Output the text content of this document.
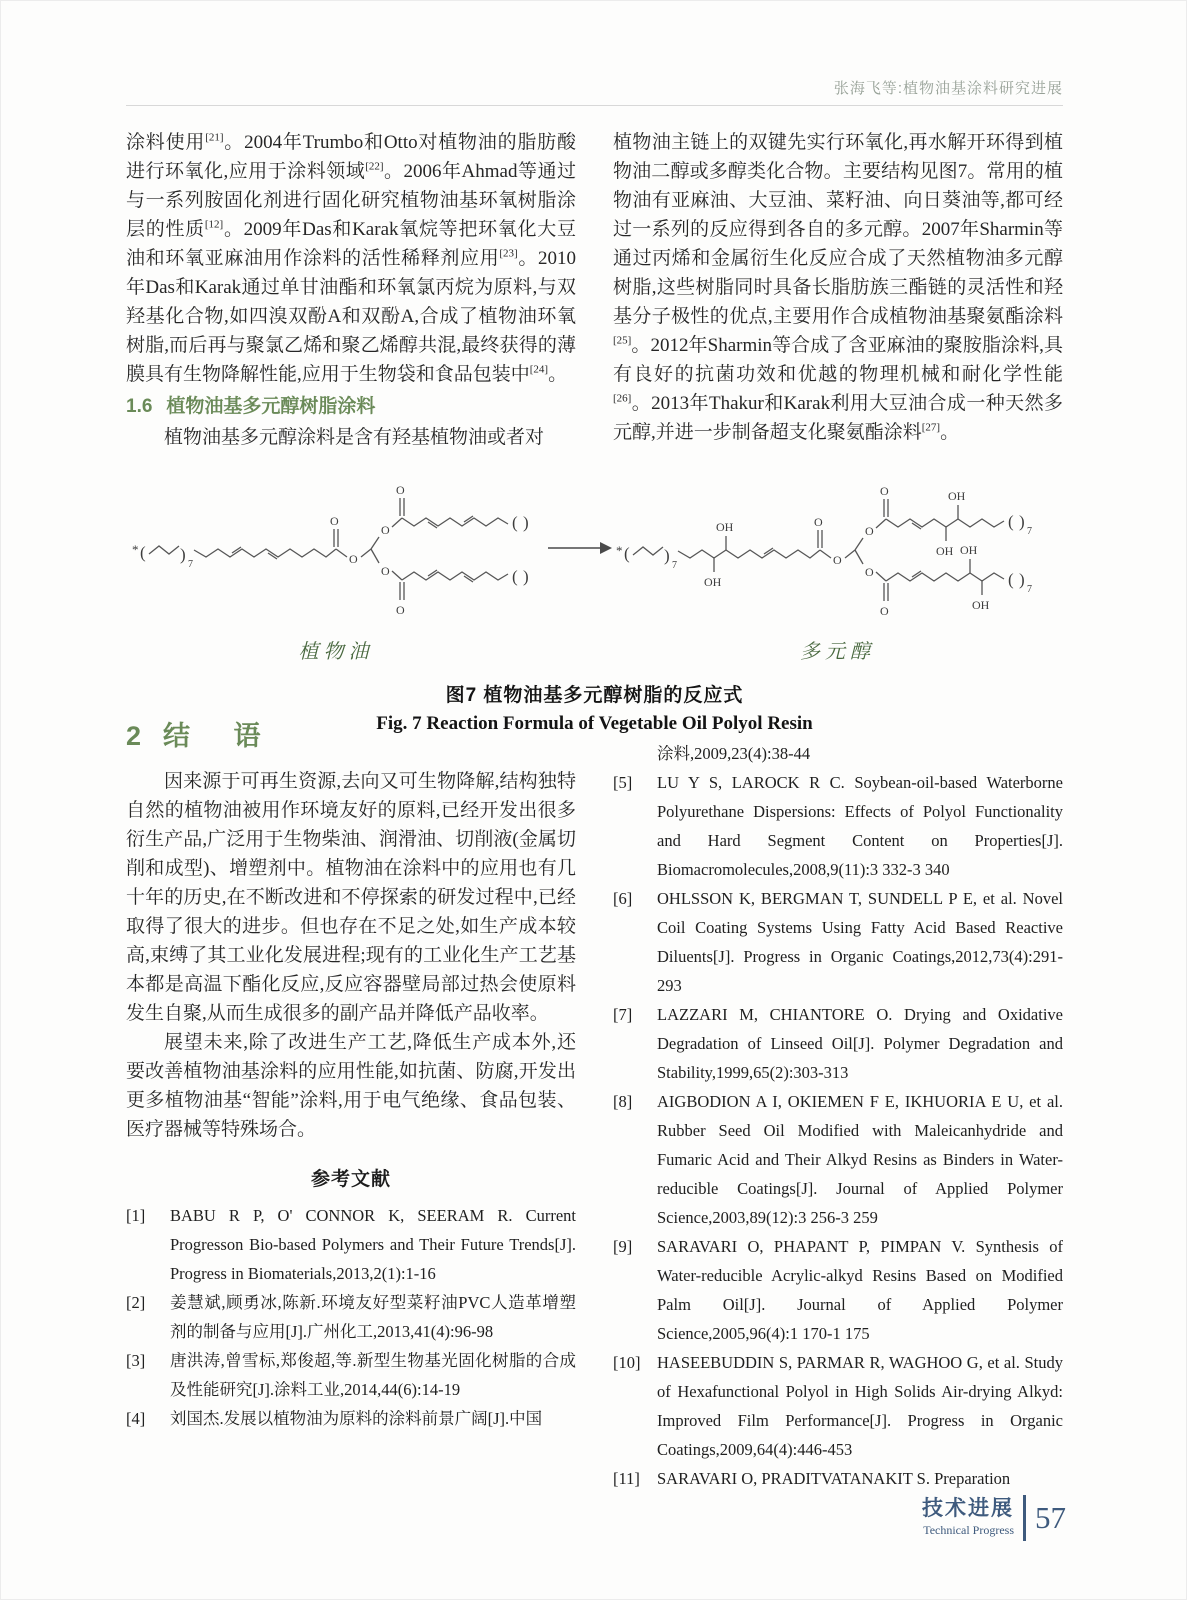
张海飞等:植物油基涂料研究进展

涂料使用[21]。2004年Trumbo和Otto对植物油的脂肪酸进行环氧化,应用于涂料领域[22]。2006年Ahmad等通过与一系列胺固化剂进行固化研究植物油基环氧树脂涂层的性质[12]。2009年Das和Karak氧烷等把环氧化大豆油和环氧亚麻油用作涂料的活性稀释剂应用[23]。2010年Das和Karak通过单甘油酯和环氧氯丙烷为原料,与双羟基化合物,如四溴双酚A和双酚A,合成了植物油环氧树脂,而后再与聚氯乙烯和聚乙烯醇共混,最终获得的薄膜具有生物降解性能,应用于生物袋和食品包装中[24]。

1.6 植物油基多元醇树脂涂料

植物油基多元醇涂料是含有羟基植物油或者对

植物油主链上的双键先实行环氧化,再水解开环得到植物油二醇或多醇类化合物。主要结构见图7。常用的植物油有亚麻油、大豆油、菜籽油、向日葵油等,都可经过一系列的反应得到各自的多元醇。2007年Sharmin等通过丙烯和金属衍生化反应合成了天然植物油多元醇树脂,这些树脂同时具备长脂肪族三酯链的灵活性和羟基分子极性的优点,主要用作合成植物油基聚氨酯涂料[25]。2012年Sharmin等合成了含亚麻油的聚胺脂涂料,具有良好的抗菌功效和优越的物理机械和耐化学性能[26]。2013年Thakur和Karak利用大豆油合成一种天然多元醇,并进一步制备超支化聚氨酯涂料[27]。

* ( )
7
O
O
O
O
O
( )
O
( )
* ( )
7
OH
OH
O
O
O
O
O	OH
OH
( )
7
O
OH
OH
( )
7
植物油	多元醇
图7 植物油基多元醇树脂的反应式
Fig. 7 Reaction Formula of Vegetable Oil Polyol Resin
2 结 语

因来源于可再生资源,去向又可生物降解,结构独特自然的植物油被用作环境友好的原料,已经开发出很多衍生产品,广泛用于生物柴油、润滑油、切削液(金属切削和成型)、增塑剂中。植物油在涂料中的应用也有几十年的历史,在不断改进和不停探索的研发过程中,已经取得了很大的进步。但也存在不足之处,如生产成本较高,束缚了其工业化发展进程;现有的工业化生产工艺基本都是高温下酯化反应,反应容器壁局部过热会使原料发生自聚,从而生成很多的副产品并降低产品收率。

展望未来,除了改进生产工艺,降低生产成本外,还要改善植物油基涂料的应用性能,如抗菌、防腐,开发出更多植物油基“智能”涂料,用于电气绝缘、食品包装、医疗器械等特殊场合。

参考文献
[1] BABU R P, O' CONNOR K, SEERAM R. Current Progresson Bio-based Polymers and Their Future Trends[J]. Progress in Biomaterials,2013,2(1):1-16
[2] 姜慧斌,顾勇冰,陈新.环境友好型菜籽油PVC人造革增塑剂的制备与应用[J].广州化工,2013,41(4):96-98
[3] 唐洪涛,曾雪标,郑俊超,等.新型生物基光固化树脂的合成及性能研究[J].涂料工业,2014,44(6):14-19
[4] 刘国杰.发展以植物油为原料的涂料前景广阔[J].中国
涂料,2009,23(4):38-44
[5] LU Y S, LAROCK R C. Soybean-oil-based Waterborne Polyurethane Dispersions: Effects of Polyol Functionality and Hard Segment Content on Properties[J]. Biomacromolecules,2008,9(11):3 332-3 340
[6] OHLSSON K, BERGMAN T, SUNDELL P E, et al. Novel Coil Coating Systems Using Fatty Acid Based Reactive Diluents[J]. Progress in Organic Coatings,2012,73(4):291-293
[7] LAZZARI M, CHIANTORE O. Drying and Oxidative Degradation of Linseed Oil[J]. Polymer Degradation and Stability,1999,65(2):303-313
[8] AIGBODION A I, OKIEMEN F E, IKHUORIA E U, et al. Rubber Seed Oil Modified with Maleicanhydride and Fumaric Acid and Their Alkyd Resins as Binders in Water-reducible Coatings[J]. Journal of Applied Polymer Science,2003,89(12):3 256-3 259
[9] SARAVARI O, PHAPANT P, PIMPAN V. Synthesis of Water-reducible Acrylic-alkyd Resins Based on Modified Palm Oil[J]. Journal of Applied Polymer Science,2005,96(4):1 170-1 175
[10] HASEEBUDDIN S, PARMAR R, WAGHOO G, et al. Study of Hexafunctional Polyol in High Solids Air-drying Alkyd: Improved Film Performance[J]. Progress in Organic Coatings,2009,64(4):446-453
[11] SARAVARI O, PRADITVATANAKIT S. Preparation
技术进展
Technical Progress 57
